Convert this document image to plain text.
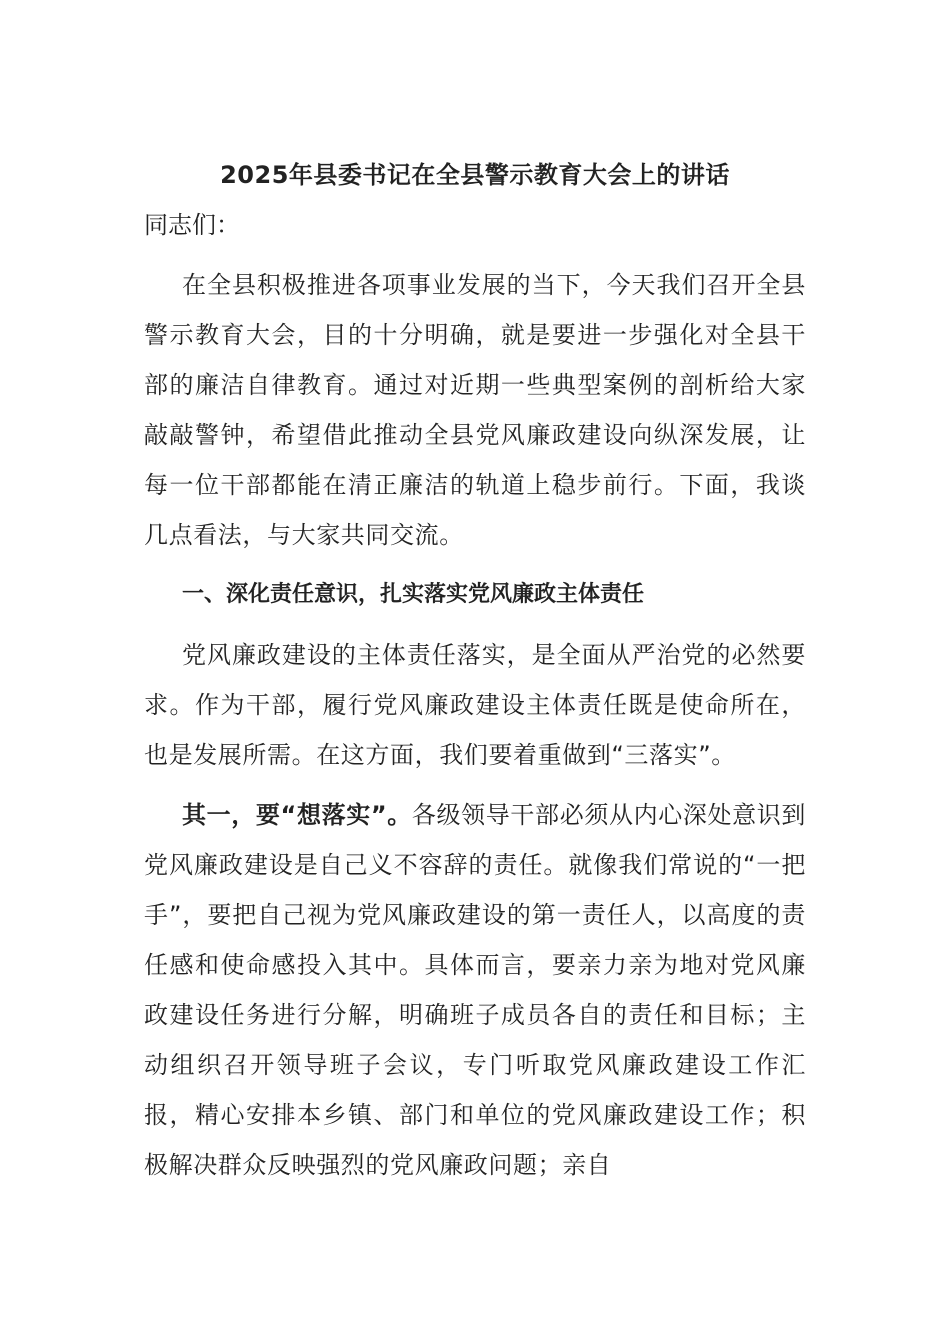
2025年县委书记在全县警示教育大会上的讲话

同志们：

在全县积极推进各项事业发展的当下，今天我们召开全县警示教育大会，目的十分明确，就是要进一步强化对全县干部的廉洁自律教育。通过对近期一些典型案例的剖析给大家敲敲警钟，希望借此推动全县党风廉政建设向纵深发展，让每一位干部都能在清正廉洁的轨道上稳步前行。下面，我谈几点看法，与大家共同交流。

一、深化责任意识，扎实落实党风廉政主体责任

党风廉政建设的主体责任落实，是全面从严治党的必然要求。作为干部，履行党风廉政建设主体责任既是使命所在，也是发展所需。在这方面，我们要着重做到“三落实”。

其一，要“想落实”。各级领导干部必须从内心深处意识到党风廉政建设是自己义不容辞的责任。就像我们常说的“一把手”，要把自己视为党风廉政建设的第一责任人，以高度的责任感和使命感投入其中。具体而言，要亲力亲为地对党风廉政建设任务进行分解，明确班子成员各自的责任和目标；主动组织召开领导班子会议，专门听取党风廉政建设工作汇报，精心安排本乡镇、部门和单位的党风廉政建设工作；积极解决群众反映强烈的党风廉政问题；亲自
